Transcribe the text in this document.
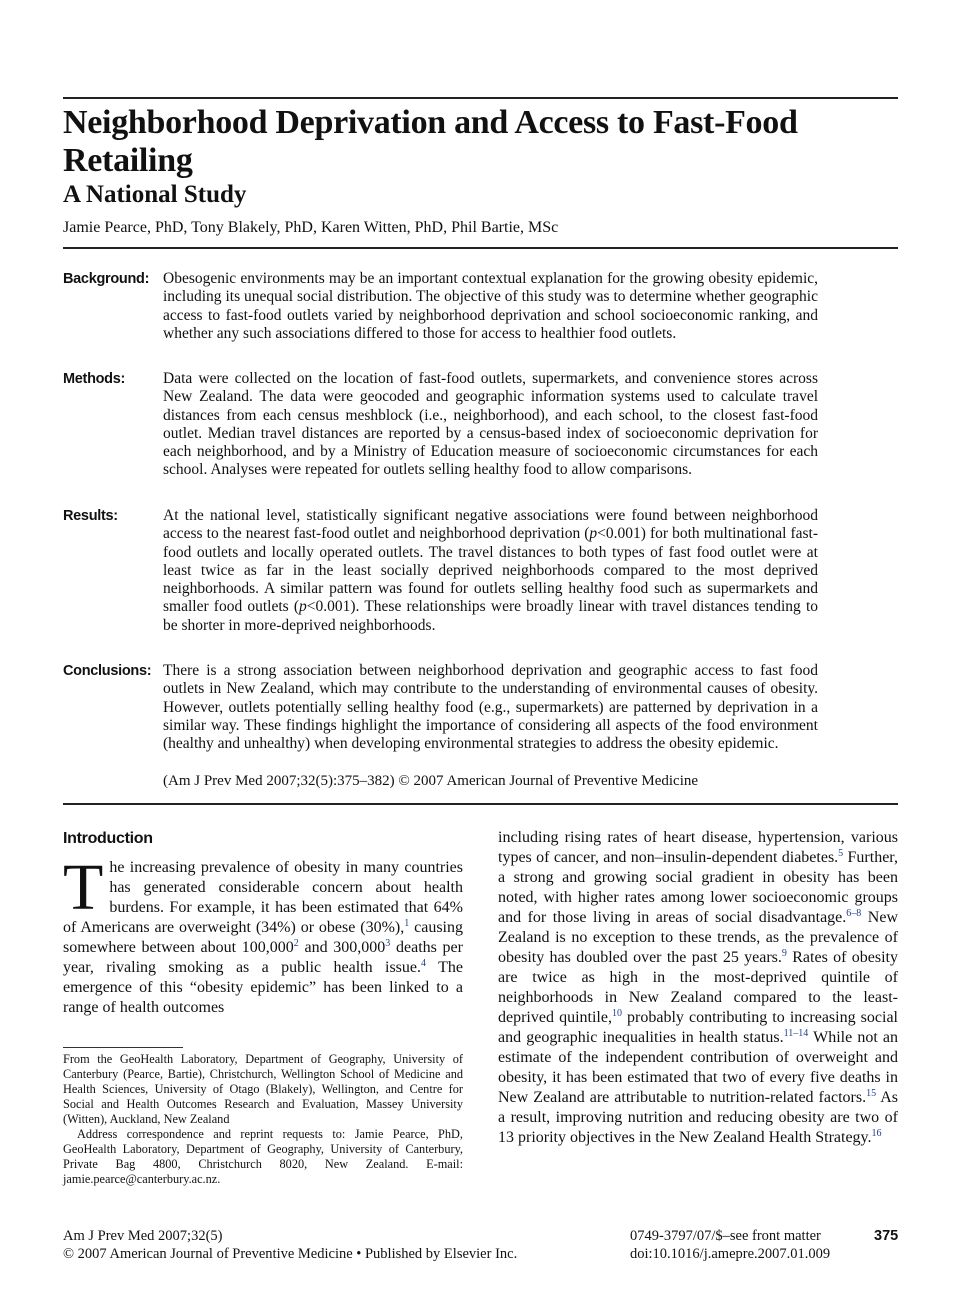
Neighborhood Deprivation and Access to Fast-Food Retailing
A National Study
Jamie Pearce, PhD, Tony Blakely, PhD, Karen Witten, PhD, Phil Bartie, MSc
Background: Obesogenic environments may be an important contextual explanation for the growing obesity epidemic, including its unequal social distribution. The objective of this study was to determine whether geographic access to fast-food outlets varied by neighborhood deprivation and school socioeconomic ranking, and whether any such associations differed to those for access to healthier food outlets.
Methods:	Data were collected on the location of fast-food outlets, supermarkets, and convenience stores across New Zealand. The data were geocoded and geographic information systems used to calculate travel distances from each census meshblock (i.e., neighborhood), and each school, to the closest fast-food outlet. Median travel distances are reported by a census-based index of socioeconomic deprivation for each neighborhood, and by a Ministry of Education measure of socioeconomic circumstances for each school. Analyses were repeated for outlets selling healthy food to allow comparisons.
Results:	At the national level, statistically significant negative associations were found between neighborhood access to the nearest fast-food outlet and neighborhood deprivation (p<0.001) for both multinational fast-food outlets and locally operated outlets. The travel distances to both types of fast food outlet were at least twice as far in the least socially deprived neighborhoods compared to the most deprived neighborhoods. A similar pattern was found for outlets selling healthy food such as supermarkets and smaller food outlets (p<0.001). These relationships were broadly linear with travel distances tending to be shorter in more-deprived neighborhoods.
Conclusions: There is a strong association between neighborhood deprivation and geographic access to fast food outlets in New Zealand, which may contribute to the understanding of environmental causes of obesity. However, outlets potentially selling healthy food (e.g., supermarkets) are patterned by deprivation in a similar way. These findings highlight the importance of considering all aspects of the food environment (healthy and unhealthy) when developing environmental strategies to address the obesity epidemic.
(Am J Prev Med 2007;32(5):375–382) © 2007 American Journal of Preventive Medicine
Introduction
The increasing prevalence of obesity in many countries has generated considerable concern about health burdens. For example, it has been estimated that 64% of Americans are overweight (34%) or obese (30%),$^1$ causing somewhere between about 100,000$^2$ and 300,000$^3$ deaths per year, rivaling smoking as a public health issue.$^4$ The emergence of this “obesity epidemic” has been linked to a range of health outcomes
including rising rates of heart disease, hypertension, various types of cancer, and non–insulin-dependent diabetes.$^5$ Further, a strong and growing social gradient in obesity has been noted, with higher rates among lower socioeconomic groups and for those living in areas of social disadvantage.$^{6-8}$ New Zealand is no exception to these trends, as the prevalence of obesity has doubled over the past 25 years.$^9$ Rates of obesity are twice as high in the most-deprived quintile of neighborhoods in New Zealand compared to the least-deprived quintile,$^{10}$ probably contributing to increasing social and geographic inequalities in health status.$^{11-14}$ While not an estimate of the independent contribution of overweight and obesity, it has been estimated that two of every five deaths in New Zealand are attributable to nutrition-related factors.$^{15}$ As a result, improving nutrition and reducing obesity are two of 13 priority objectives in the New Zealand Health Strategy.$^{16}$

From the GeoHealth Laboratory, Department of Geography, University of Canterbury (Pearce, Bartie), Christchurch, Wellington School of Medicine and Health Sciences, University of Otago (Blakely), Wellington, and Centre for Social and Health Outcomes Research and Evaluation, Massey University (Witten), Auckland, New Zealand

Address correspondence and reprint requests to: Jamie Pearce, PhD, GeoHealth Laboratory, Department of Geography, University of Canterbury, Private Bag 4800, Christchurch 8020, New Zealand. E-mail: jamie.pearce@canterbury.ac.nz.

Am J Prev Med 2007;32(5)
© 2007 American Journal of Preventive Medicine • Published by Elsevier Inc.
0749-3797/07/$–see front matter
doi:10.1016/j.amepre.2007.01.009
375
